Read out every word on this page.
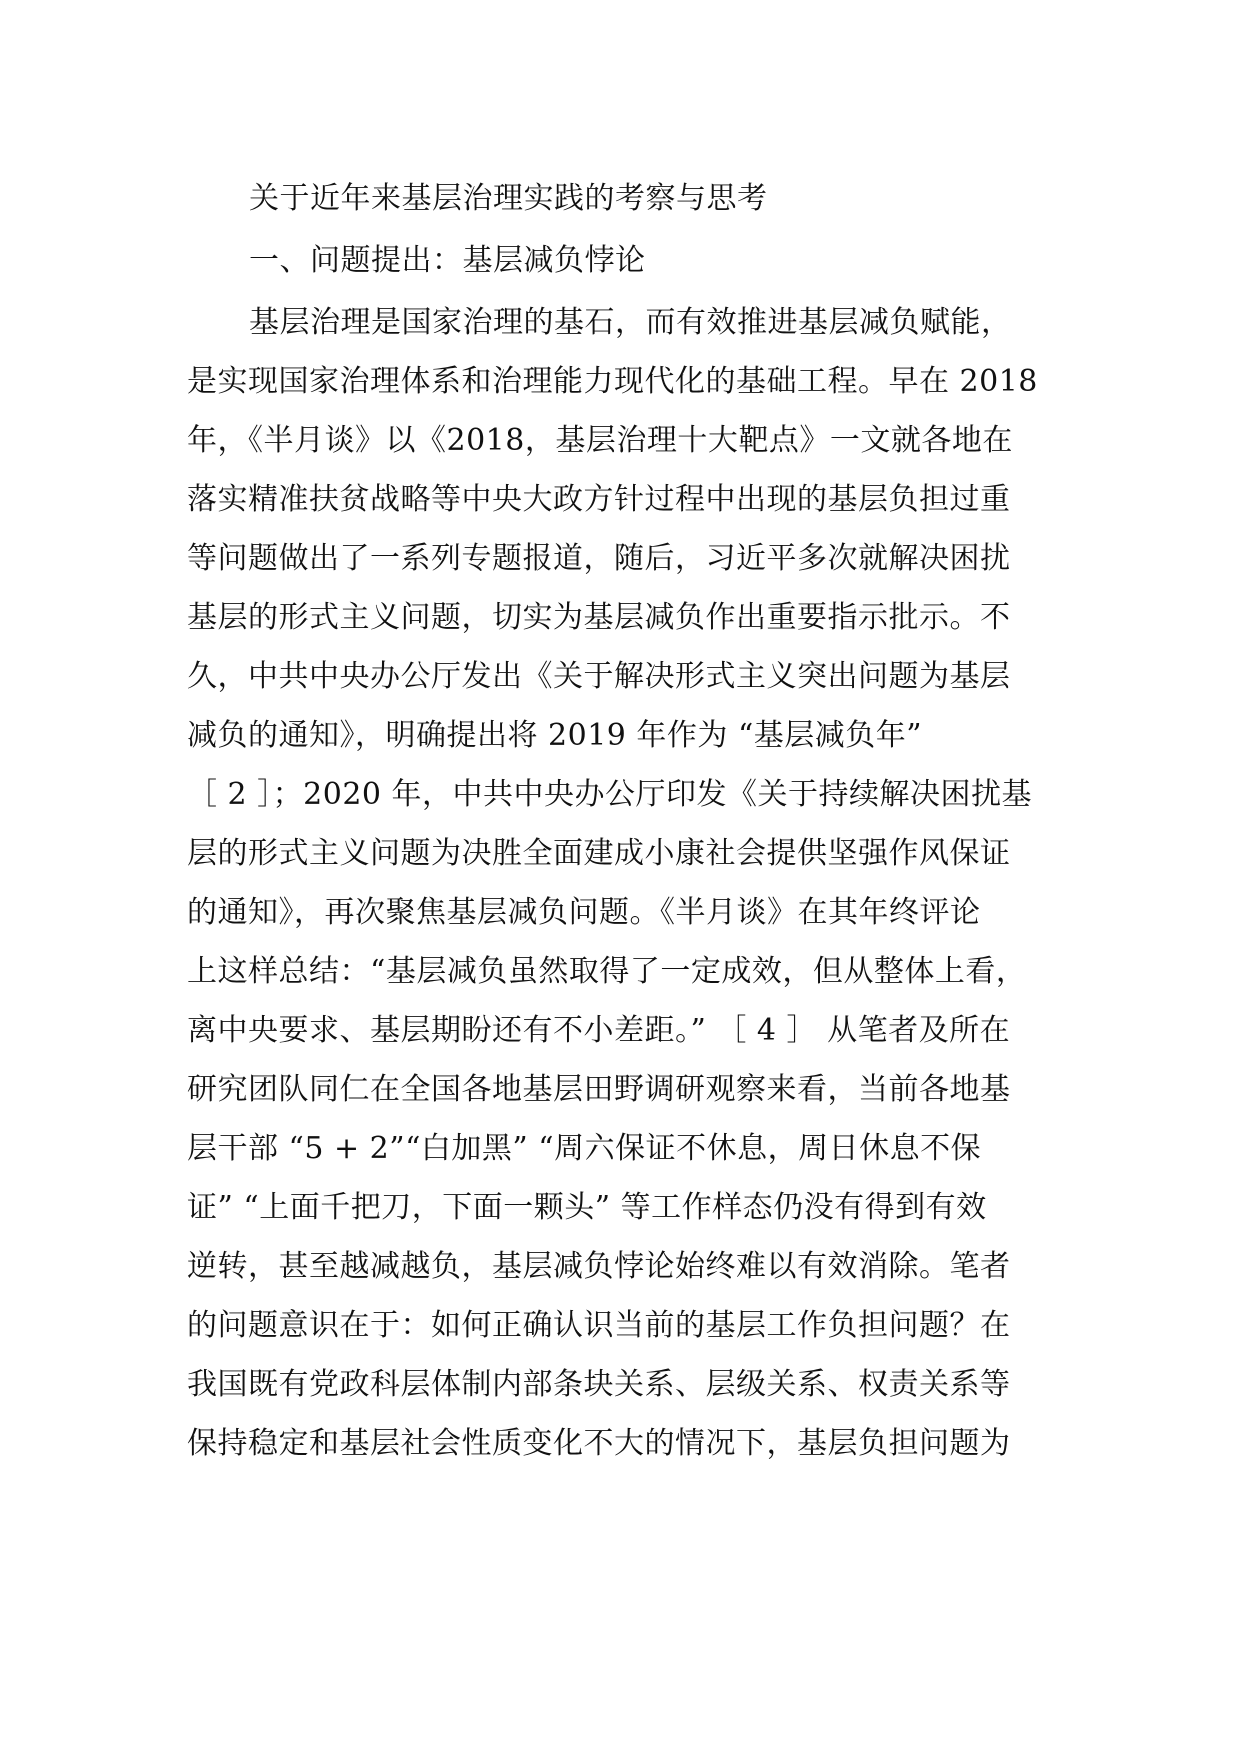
关于近年来基层治理实践的考察与思考
一、问题提出：基层减负悖论
基层治理是国家治理的基石，而有效推进基层减负赋能，
是实现国家治理体系和治理能力现代化的基础工程。早在 2018
年，《半月谈》以《2018，基层治理十大靶点》一文就各地在
落实精准扶贫战略等中央大政方针过程中出现的基层负担过重
等问题做出了一系列专题报道，随后，习近平多次就解决困扰
基层的形式主义问题，切实为基层减负作出重要指示批示。不
久，中共中央办公厅发出《关于解决形式主义突出问题为基层
减负的通知》，明确提出将 2019 年作为 “基层减负年”
［ 2 ］；2020 年，中共中央办公厅印发《关于持续解决困扰基
层的形式主义问题为决胜全面建成小康社会提供坚强作风保证
的通知》，再次聚焦基层减负问题。《半月谈》在其年终评论
上这样总结：“基层减负虽然取得了一定成效，但从整体上看，
离中央要求、基层期盼还有不小差距。” ［ 4 ］ 从笔者及所在
研究团队同仁在全国各地基层田野调研观察来看，当前各地基
层干部 “5 + 2”“白加黑” “周六保证不休息，周日休息不保
证” “上面千把刀，下面一颗头” 等工作样态仍没有得到有效
逆转，甚至越减越负，基层减负悖论始终难以有效消除。笔者
的问题意识在于：如何正确认识当前的基层工作负担问题？在
我国既有党政科层体制内部条块关系、层级关系、权责关系等
保持稳定和基层社会性质变化不大的情况下，基层负担问题为
